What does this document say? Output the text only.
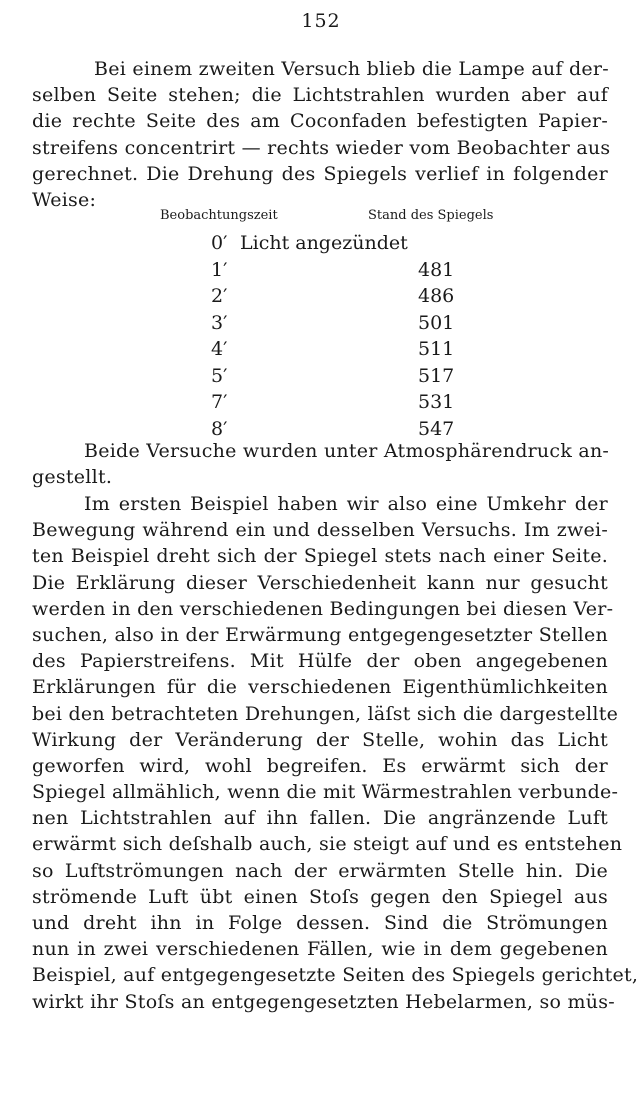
152
Bei einem zweiten Versuch blieb die Lampe auf der-
selben Seite stehen; die Lichtstrahlen wurden aber auf
die rechte Seite des am Coconfaden befestigten Papier-
streifens concentrirt — rechts wieder vom Beobachter aus
gerechnet. Die Drehung des Spiegels verlief in folgender
Weise:
Beobachtungszeit	Stand des Spiegels
0′ Licht angezündet
1′	481
2′	486
3′	501
4′	511
5′	517
7′	531
8′	547
Beide Versuche wurden unter Atmosphärendruck an-
gestellt.
Im ersten Beispiel haben wir also eine Umkehr der
Bewegung während ein und desselben Versuchs. Im zwei-
ten Beispiel dreht sich der Spiegel stets nach einer Seite.
Die Erklärung dieser Verschiedenheit kann nur gesucht
werden in den verschiedenen Bedingungen bei diesen Ver-
suchen, also in der Erwärmung entgegengesetzter Stellen
des Papierstreifens. Mit Hülfe der oben angegebenen
Erklärungen für die verschiedenen Eigenthümlichkeiten
bei den betrachteten Drehungen, läſst sich die dargestellte
Wirkung der Veränderung der Stelle, wohin das Licht
geworfen wird, wohl begreifen. Es erwärmt sich der
Spiegel allmählich, wenn die mit Wärmestrahlen verbunde-
nen Lichtstrahlen auf ihn fallen. Die angränzende Luft
erwärmt sich deſshalb auch, sie steigt auf und es entstehen
so Luftströmungen nach der erwärmten Stelle hin. Die
strömende Luft übt einen Stoſs gegen den Spiegel aus
und dreht ihn in Folge dessen. Sind die Strömungen
nun in zwei verschiedenen Fällen, wie in dem gegebenen
Beispiel, auf entgegengesetzte Seiten des Spiegels gerichtet,
wirkt ihr Stoſs an entgegengesetzten Hebelarmen, so müs-
